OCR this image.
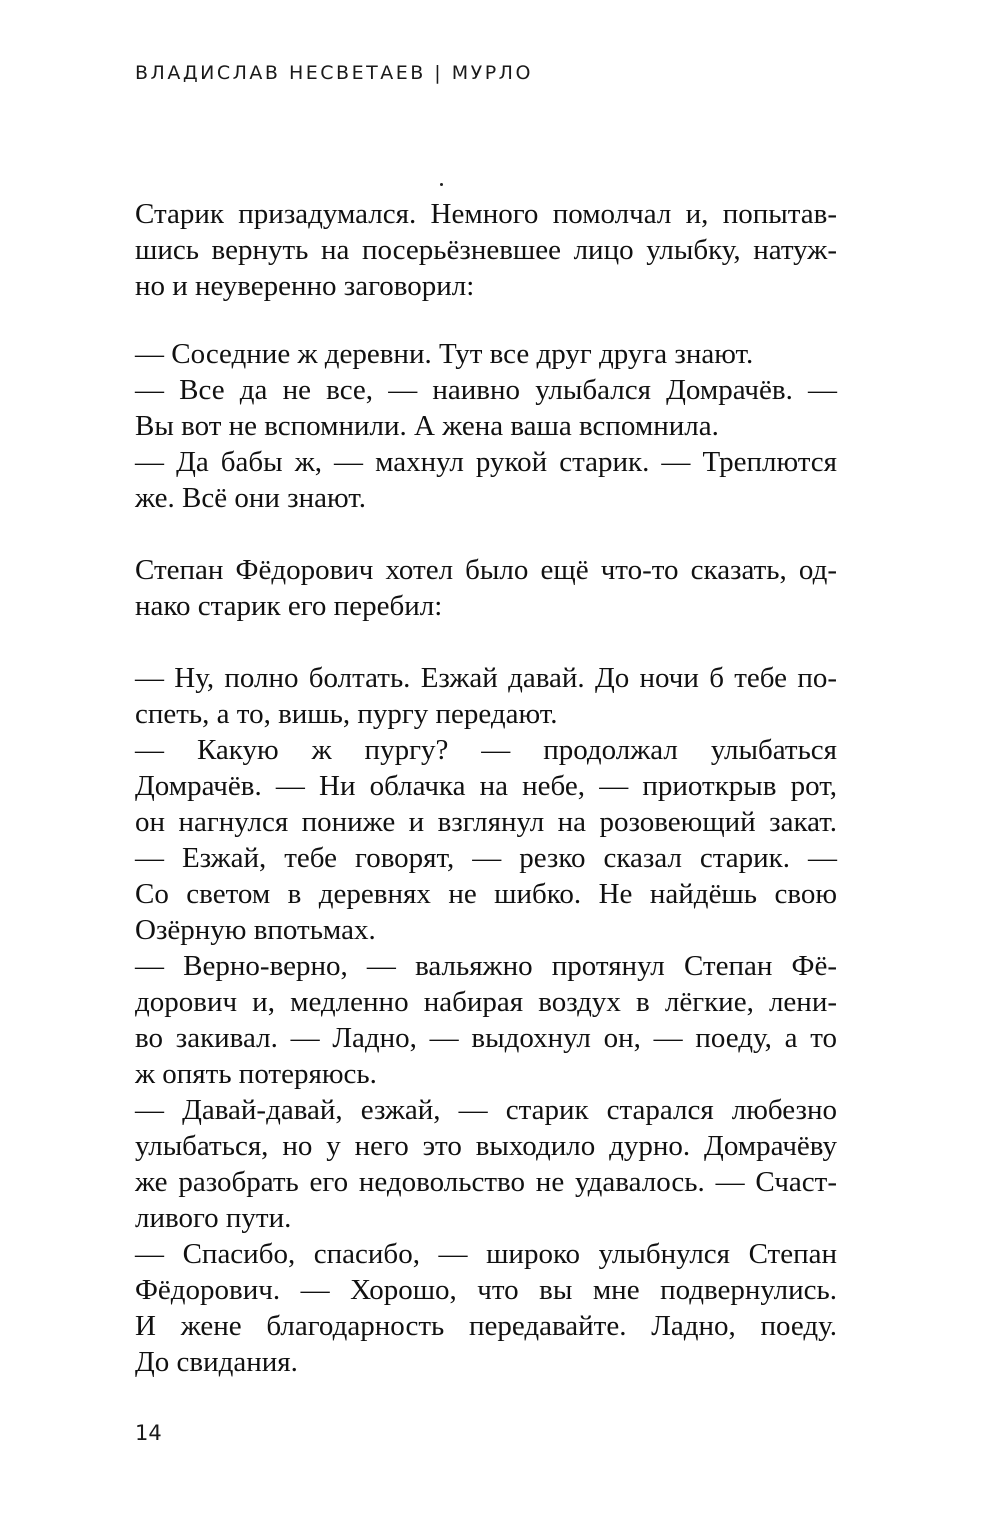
ВЛАДИСЛАВ НЕСВЕТАЕВ | МУРЛО
Старик призадумался. Немного помолчал и, попытав-
шись вернуть на посерьёзневшее лицо улыбку, натуж-
но и неуверенно заговорил:
— Соседние ж деревни. Тут все друг друга знают.
— Все да не все, — наивно улыбался Домрачёв. —
Вы вот не вспомнили. А жена ваша вспомнила.
— Да бабы ж, — махнул рукой старик. — Треплются
же. Всё они знают.
Степан Фёдорович хотел было ещё что-то сказать, од-
нако старик его перебил:
— Ну, полно болтать. Езжай давай. До ночи б тебе по-
спеть, а то, вишь, пургу передают.
— Какую ж пургу? — продолжал улыбаться
Домрачёв. — Ни облачка на небе, — приоткрыв рот,
он нагнулся пониже и взглянул на розовеющий закат.
— Езжай, тебе говорят, — резко сказал старик. —
Со светом в деревнях не шибко. Не найдёшь свою
Озёрную впотьмах.
— Верно-верно, — вальяжно протянул Степан Фё-
дорович и, медленно набирая воздух в лёгкие, лени-
во закивал. — Ладно, — выдохнул он, — поеду, а то
ж опять потеряюсь.
— Давай-давай, езжай, — старик старался любезно
улыбаться, но у него это выходило дурно. Домрачёву
же разобрать его недовольство не удавалось. — Счаст-
ливого пути.
— Спасибо, спасибо, — широко улыбнулся Степан
Фёдорович. — Хорошо, что вы мне подвернулись.
И жене благодарность передавайте. Ладно, поеду.
До свидания.
14
